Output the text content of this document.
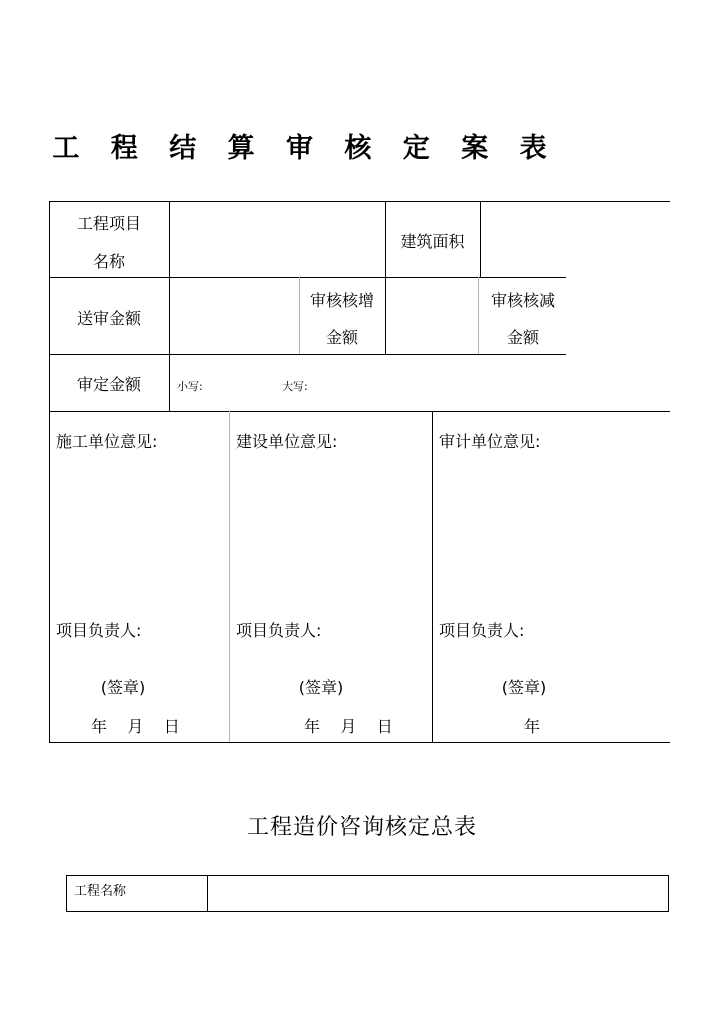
工 程 结 算 审 核 定 案 表
工程项目
名称
建筑面积
送审金额
审核核增
金额
审核核减
金额
审定金额	小写:	大写:
施工单位意见:
项目负责人:
(签章)
年    月    日
建设单位意见:
项目负责人:
(签章)
年    月    日
审计单位意见:
项目负责人:
(签章)
年
工程造价咨询核定总表
工程名称
